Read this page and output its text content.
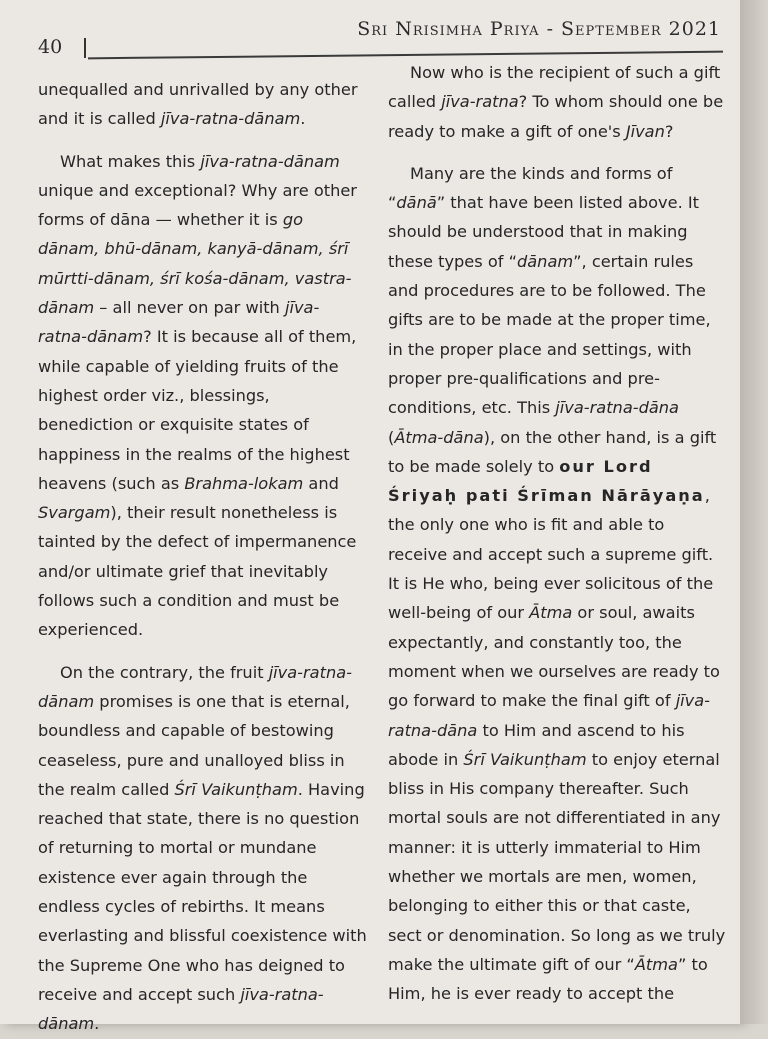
40
Sri Nrisimha Priya - September 2021

unequalled and unrivalled by any other and it is called jīva-ratna-dānam.

What makes this jīva-ratna-dānam unique and exceptional? Why are other forms of dāna — whether it is go dānam, bhū-dānam, kanyā-dānam, śrī mūrtti-dānam, śrī kośa-dānam, vastra-dānam – all never on par with jīva-ratna-dānam? It is because all of them, while capable of yielding fruits of the highest order viz., blessings, benediction or exquisite states of happiness in the realms of the highest heavens (such as Brahma-lokam and Svargam), their result nonetheless is tainted by the defect of impermanence and/or ultimate grief that inevitably follows such a condition and must be experienced.

On the contrary, the fruit jīva-ratna-dānam promises is one that is eternal, boundless and capable of bestowing ceaseless, pure and unalloyed bliss in the realm called Śrī Vaikunṭham. Having reached that state, there is no question of returning to mortal or mundane existence ever again through the endless cycles of rebirths. It means everlasting and blissful coexistence with the Supreme One who has deigned to receive and accept such jīva-ratna-dānam.

Now who is the recipient of such a gift called jīva-ratna? To whom should one be ready to make a gift of one's Jīvan?

Many are the kinds and forms of “dānā” that have been listed above. It should be understood that in making these types of “dānam”, certain rules and procedures are to be followed. The gifts are to be made at the proper time, in the proper place and settings, with proper pre-qualifications and pre-conditions, etc. This jīva-ratna-dāna (Ātma-dāna), on the other hand, is a gift to be made solely to our Lord Śriyaḥ pati Śrīman Nārāyaṇa, the only one who is fit and able to receive and accept such a supreme gift. It is He who, being ever solicitous of the well-being of our Ātma or soul, awaits expectantly, and constantly too, the moment when we ourselves are ready to go forward to make the final gift of jīva-ratna-dāna to Him and ascend to his abode in Śrī Vaikunṭham to enjoy eternal bliss in His company thereafter. Such mortal souls are not differentiated in any manner: it is utterly immaterial to Him whether we mortals are men, women, belonging to either this or that caste, sect or denomination. So long as we truly make the ultimate gift of our “Ātma” to Him, he is ever ready to accept the
